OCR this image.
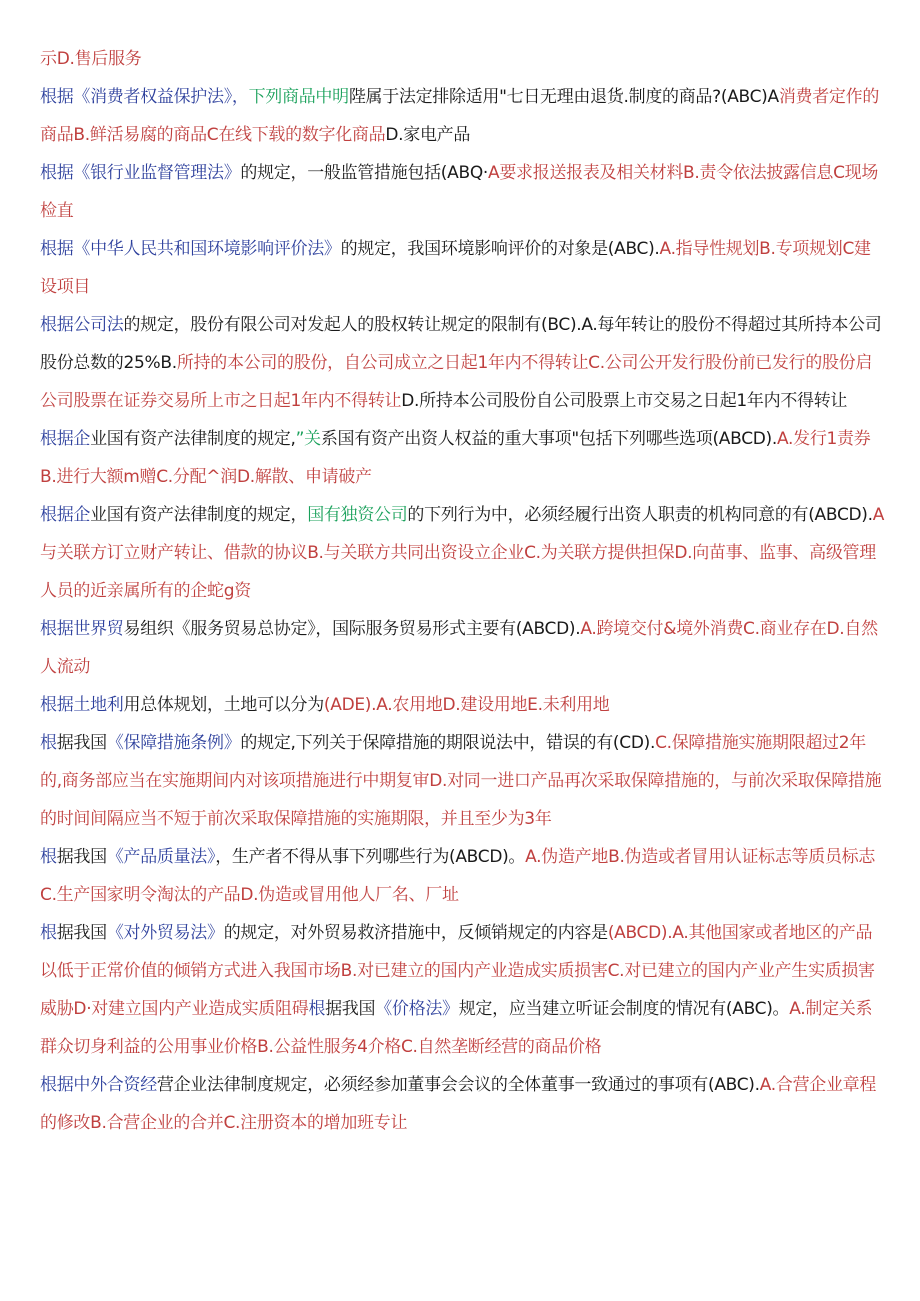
示D.售后服务

根据《消费者权益保护法》，下列商品中明陛属于法定排除适用"七日无理由退货.制度的商品?(ABC)A消费者定作的商品B.鲜活易腐的商品C在线下载的数字化商品D.家电产品

根据《银行业监督管理法》的规定，一般监管措施包括(ABQ·A要求报送报表及相关材料B.责令依法披露信息C现场检直

根据《中华人民共和国环境影响评价法》的规定，我国环境影响评价的对象是(ABC).A.指导性规划B.专项规划C建设项目

根据公司法的规定，股份有限公司对发起人的股权转让规定的限制有(BC).A.每年转让的股份不得超过其所持本公司股份总数的25%B.所持的本公司的股份，自公司成立之日起1年内不得转让C.公司公开发行股份前已发行的股份启公司股票在证券交易所上市之日起1年内不得转让D.所持本公司股份自公司股票上市交易之日起1年内不得转让

根据企业国有资产法律制度的规定,”关系国有资产出资人权益的重大事项"包括下列哪些选项(ABCD).A.发行1责券B.进行大额m赠C.分配^润D.解散、申请破产

根据企业国有资产法律制度的规定，国有独资公司的下列行为中，必须经履行出资人职责的机构同意的有(ABCD).A与关联方订立财产转让、借款的协议B.与关联方共同出资设立企业C.为关联方提供担保D.向苗事、监事、高级管理人员的近亲属所有的企蛇g资

根据世界贸易组织《服务贸易总协定》，国际服务贸易形式主要有(ABCD).A.跨境交付&境外消费C.商业存在D.自然人流动

根据土地利用总体规划，土地可以分为(ADE).A.农用地D.建设用地E.未利用地

根据我国《保障措施条例》的规定,下列关于保障措施的期限说法中，错误的有(CD).C.保障措施实施期限超过2年的,商务部应当在实施期间内对该项措施进行中期复审D.对同一进口产品再次采取保障措施的，与前次采取保障措施的时间间隔应当不短于前次采取保障措施的实施期限，并且至少为3年

根据我国《产品质量法》，生产者不得从事下列哪些行为(ABCD)。A.伪造产地B.伪造或者冒用认证标志等质员标志C.生产国家明令淘汰的产品D.伪造或冒用他人厂名、厂址

根据我国《对外贸易法》的规定，对外贸易救济措施中，反倾销规定的内容是(ABCD).A.其他国家或者地区的产品以低于正常价值的倾销方式进入我国市场B.对已建立的国内产业造成实质损害C.对已建立的国内产业产生实质损害威胁D·对建立国内产业造成实质阻碍根据我国《价格法》规定，应当建立听证会制度的情况有(ABC)。A.制定关系群众切身利益的公用事业价格B.公益性服务4介格C.自然垄断经营的商品价格

根据中外合资经营企业法律制度规定，必须经参加董事会会议的全体董事一致通过的事项有(ABC).A.合营企业章程的修改B.合营企业的合并C.注册资本的增加班专让
